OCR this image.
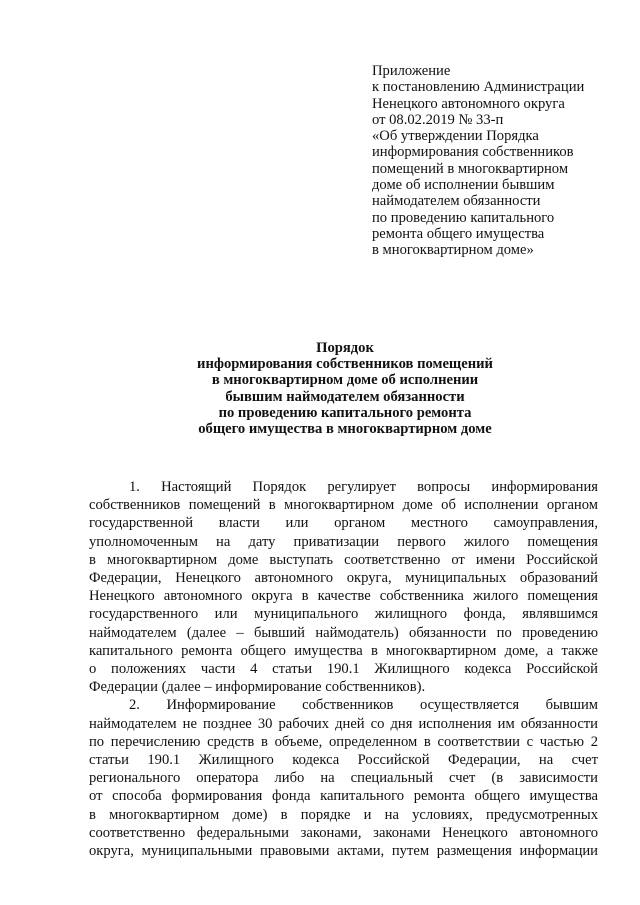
Приложение
к постановлению Администрации
Ненецкого автономного округа
от 08.02.2019 № 33-п
«Об утверждении Порядка
информирования собственников
помещений в многоквартирном
доме об исполнении бывшим
наймодателем обязанности
по проведению капитального
ремонта общего имущества
в многоквартирном доме»
Порядок
информирования собственников помещений
в многоквартирном доме об исполнении
бывшим наймодателем обязанности
по проведению капитального ремонта
общего имущества в многоквартирном доме
1. Настоящий Порядок регулирует вопросы информирования
собственников помещений в многоквартирном доме об исполнении органом
государственной власти или органом местного самоуправления,
уполномоченным на дату приватизации первого жилого помещения
в многоквартирном доме выступать соответственно от имени Российской
Федерации, Ненецкого автономного округа, муниципальных образований
Ненецкого автономного округа в качестве собственника жилого помещения
государственного или муниципального жилищного фонда, являвшимся
наймодателем (далее – бывший наймодатель) обязанности по проведению
капитального ремонта общего имущества в многоквартирном доме, а также
о положениях части 4 статьи 190.1 Жилищного кодекса Российской
Федерации (далее – информирование собственников).
2. Информирование собственников осуществляется бывшим
наймодателем не позднее 30 рабочих дней со дня исполнения им обязанности
по перечислению средств в объеме, определенном в соответствии с частью 2
статьи 190.1 Жилищного кодекса Российской Федерации, на счет
регионального оператора либо на специальный счет (в зависимости
от способа формирования фонда капитального ремонта общего имущества
в многоквартирном доме) в порядке и на условиях, предусмотренных
соответственно федеральными законами, законами Ненецкого автономного
округа, муниципальными правовыми актами, путем размещения информации
